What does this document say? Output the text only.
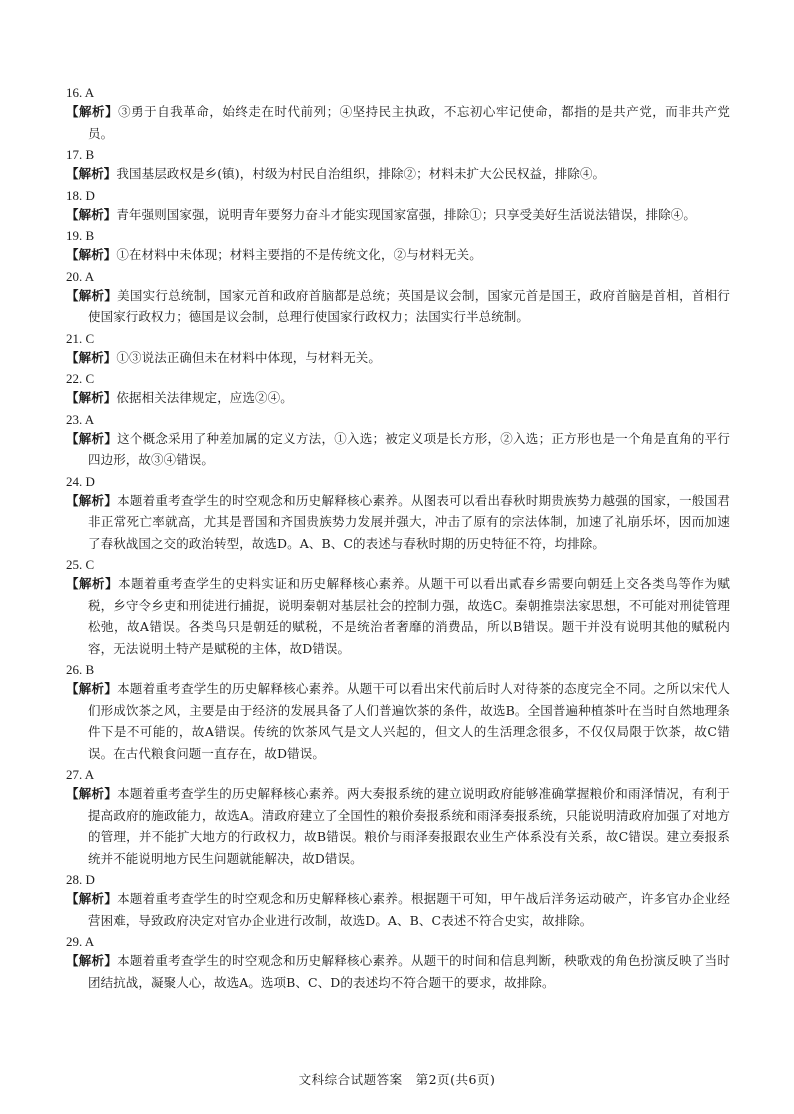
16. A

【解析】③勇于自我革命，始终走在时代前列；④坚持民主执政，不忘初心牢记使命，都指的是共产党，而非共产党员。

17. B

【解析】我国基层政权是乡(镇)，村级为村民自治组织，排除②；材料未扩大公民权益，排除④。

18. D

【解析】青年强则国家强，说明青年要努力奋斗才能实现国家富强，排除①；只享受美好生活说法错误，排除④。

19. B

【解析】①在材料中未体现；材料主要指的不是传统文化，②与材料无关。

20. A

【解析】美国实行总统制，国家元首和政府首脑都是总统；英国是议会制，国家元首是国王，政府首脑是首相，首相行使国家行政权力；德国是议会制，总理行使国家行政权力；法国实行半总统制。

21. C

【解析】①③说法正确但未在材料中体现，与材料无关。

22. C

【解析】依据相关法律规定，应选②④。

23. A

【解析】这个概念采用了种差加属的定义方法，①入选；被定义项是长方形，②入选；正方形也是一个角是直角的平行四边形，故③④错误。

24. D

【解析】本题着重考查学生的时空观念和历史解释核心素养。从图表可以看出春秋时期贵族势力越强的国家，一般国君非正常死亡率就高，尤其是晋国和齐国贵族势力发展并强大，冲击了原有的宗法体制，加速了礼崩乐坏，因而加速了春秋战国之交的政治转型，故选D。A、B、C的表述与春秋时期的历史特征不符，均排除。

25. C

【解析】本题着重考查学生的史料实证和历史解释核心素养。从题干可以看出貳春乡需要向朝廷上交各类鸟等作为赋税，乡守令乡吏和刑徒进行捕捉，说明秦朝对基层社会的控制力强，故选C。秦朝推崇法家思想，不可能对刑徒管理松弛，故A错误。各类鸟只是朝廷的赋税，不是统治者奢靡的消费品，所以B错误。题干并没有说明其他的赋税内容，无法说明土特产是赋税的主体，故D错误。

26. B

【解析】本题着重考查学生的历史解释核心素养。从题干可以看出宋代前后时人对待茶的态度完全不同。之所以宋代人们形成饮茶之风，主要是由于经济的发展具备了人们普遍饮茶的条件，故选B。全国普遍种植茶叶在当时自然地理条件下是不可能的，故A错误。传统的饮茶风气是文人兴起的，但文人的生活理念很多，不仅仅局限于饮茶，故C错误。在古代粮食问题一直存在，故D错误。

27. A

【解析】本题着重考查学生的历史解释核心素养。两大奏报系统的建立说明政府能够准确掌握粮价和雨泽情况，有利于提高政府的施政能力，故选A。清政府建立了全国性的粮价奏报系统和雨泽奏报系统，只能说明清政府加强了对地方的管理，并不能扩大地方的行政权力，故B错误。粮价与雨泽奏报跟农业生产体系没有关系，故C错误。建立奏报系统并不能说明地方民生问题就能解决，故D错误。

28. D

【解析】本题着重考查学生的时空观念和历史解释核心素养。根据题干可知，甲午战后洋务运动破产，许多官办企业经营困难，导致政府决定对官办企业进行改制，故选D。A、B、C表述不符合史实，故排除。

29. A

【解析】本题着重考查学生的时空观念和历史解释核心素养。从题干的时间和信息判断，秧歌戏的角色扮演反映了当时团结抗战，凝聚人心，故选A。选项B、C、D的表述均不符合题干的要求，故排除。

文科综合试题答案　第2页(共6页)
